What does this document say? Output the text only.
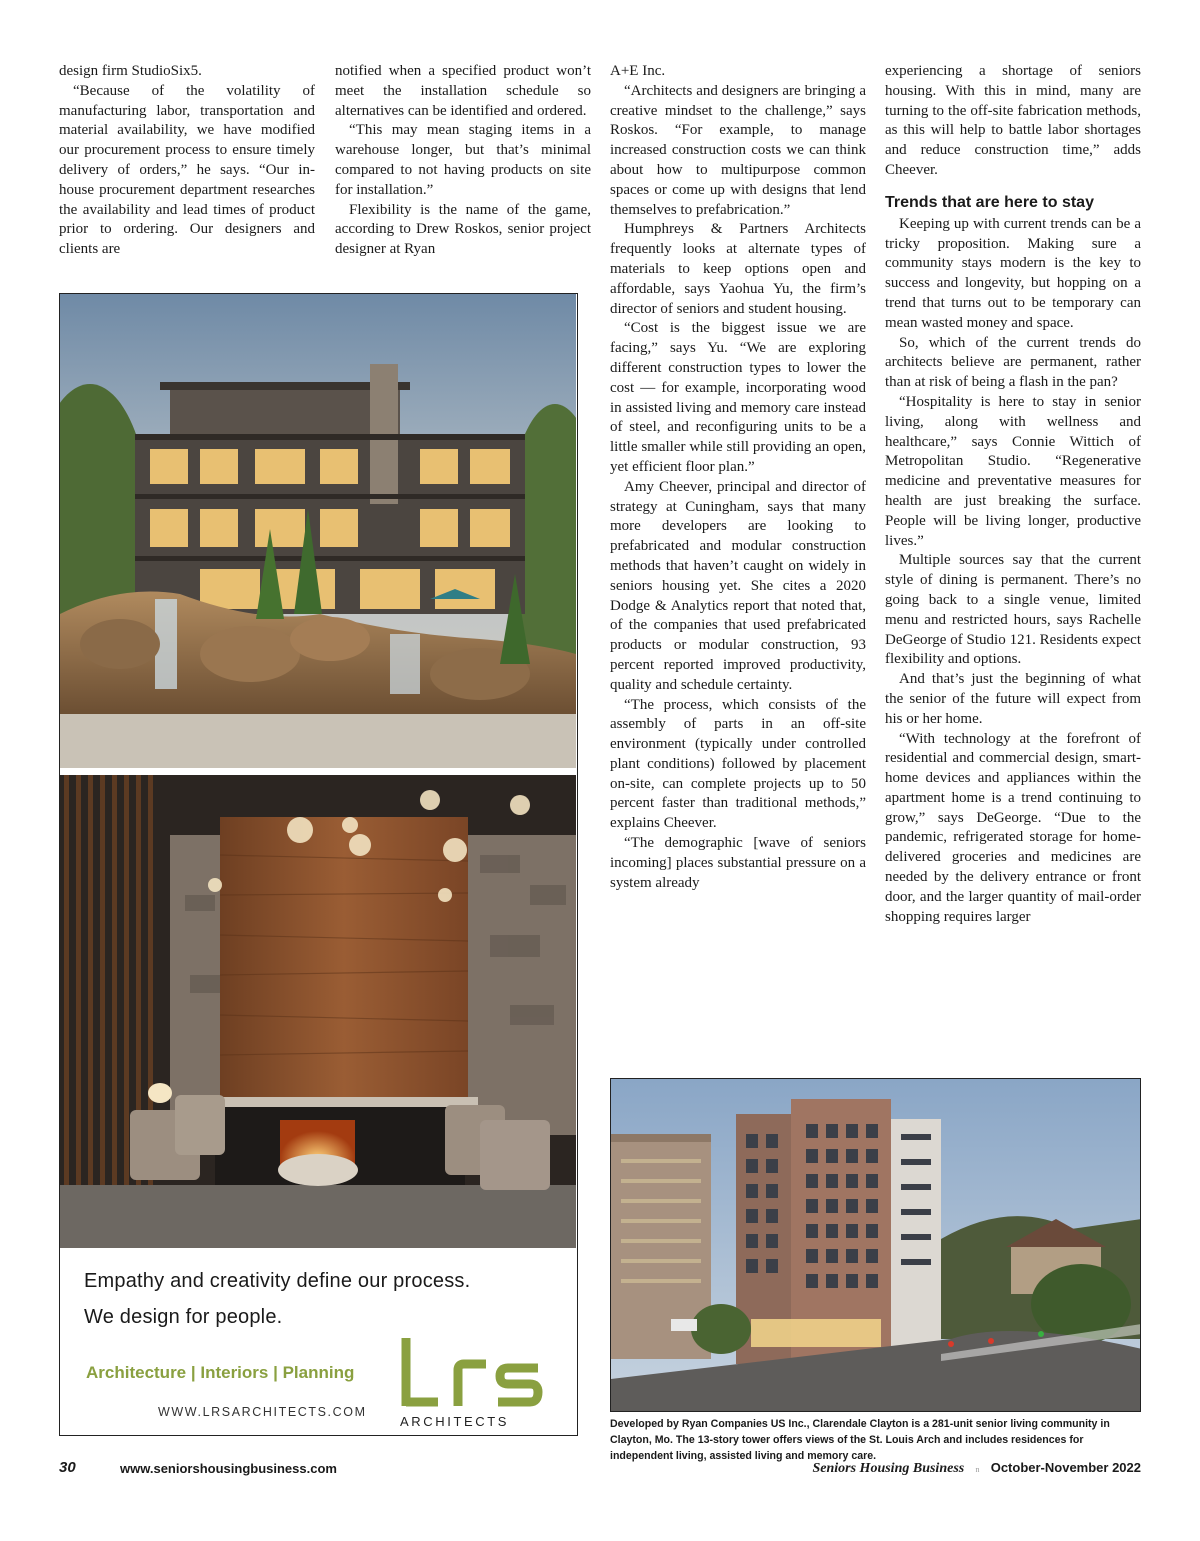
design firm StudioSix5.

“Because of the volatility of manufacturing labor, transportation and material availability, we have modified our procurement process to ensure timely delivery of orders,” he says. “Our in-house procurement department researches the availability and lead times of product prior to ordering. Our designers and clients are

notified when a specified product won’t meet the installation schedule so alternatives can be identified and ordered.

“This may mean staging items in a warehouse longer, but that’s minimal compared to not having products on site for installation.”

Flexibility is the name of the game, according to Drew Roskos, senior project designer at Ryan

A+E Inc.

“Architects and designers are bringing a creative mindset to the challenge,” says Roskos. “For example, to manage increased construction costs we can think about how to multipurpose common spaces or come up with designs that lend themselves to prefabrication.”

Humphreys & Partners Architects frequently looks at alternate types of materials to keep options open and affordable, says Yaohua Yu, the firm’s director of seniors and student housing.

“Cost is the biggest issue we are facing,” says Yu. “We are exploring different construction types to lower the cost — for example, incorporating wood in assisted living and memory care instead of steel, and reconfiguring units to be a little smaller while still providing an open, yet efficient floor plan.”

Amy Cheever, principal and director of strategy at Cuningham, says that many more developers are looking to prefabricated and modular construction methods that haven’t caught on widely in seniors housing yet. She cites a 2020 Dodge & Analytics report that noted that, of the companies that used prefabricated products or modular construction, 93 percent reported improved productivity, quality and schedule certainty.

“The process, which consists of the assembly of parts in an off-site environment (typically under controlled plant conditions) followed by placement on-site, can complete projects up to 50 percent faster than traditional methods,” explains Cheever.

“The demographic [wave of seniors incoming] places substantial pressure on a system already

experiencing a shortage of seniors housing. With this in mind, many are turning to the off-site fabrication methods, as this will help to battle labor shortages and reduce construction time,” adds Cheever.

Trends that are here to stay

Keeping up with current trends can be a tricky proposition. Making sure a community stays modern is the key to success and longevity, but hopping on a trend that turns out to be temporary can mean wasted money and space.

So, which of the current trends do architects believe are permanent, rather than at risk of being a flash in the pan?

“Hospitality is here to stay in senior living, along with wellness and healthcare,” says Connie Wittich of Metropolitan Studio. “Regenerative medicine and preventative measures for health are just breaking the surface. People will be living longer, productive lives.”

Multiple sources say that the current style of dining is permanent. There’s no going back to a single venue, limited menu and restricted hours, says Rachelle DeGeorge of Studio 121. Residents expect flexibility and options.

And that’s just the beginning of what the senior of the future will expect from his or her home.

“With technology at the forefront of residential and commercial design, smart-home devices and appliances within the apartment home is a trend continuing to grow,” says DeGeorge. “Due to the pandemic, refrigerated storage for home-delivered groceries and medicines are needed by the delivery entrance or front door, and the larger quantity of mail-order shopping requires larger

Empathy and creativity define our process.
We design for people.
Architecture | Interiors | Planning
WWW.LRSARCHITECTS.COM
ARCHITECTS	Developed by Ryan Companies US Inc., Clarendale Clayton is a 281-unit senior living community in Clayton, Mo. The 13-story tower offers views of the St. Louis Arch and includes residences for independent living, assisted living and memory care.
30	www.seniorshousingbusiness.com	Seniors Housing Business n October-November 2022
